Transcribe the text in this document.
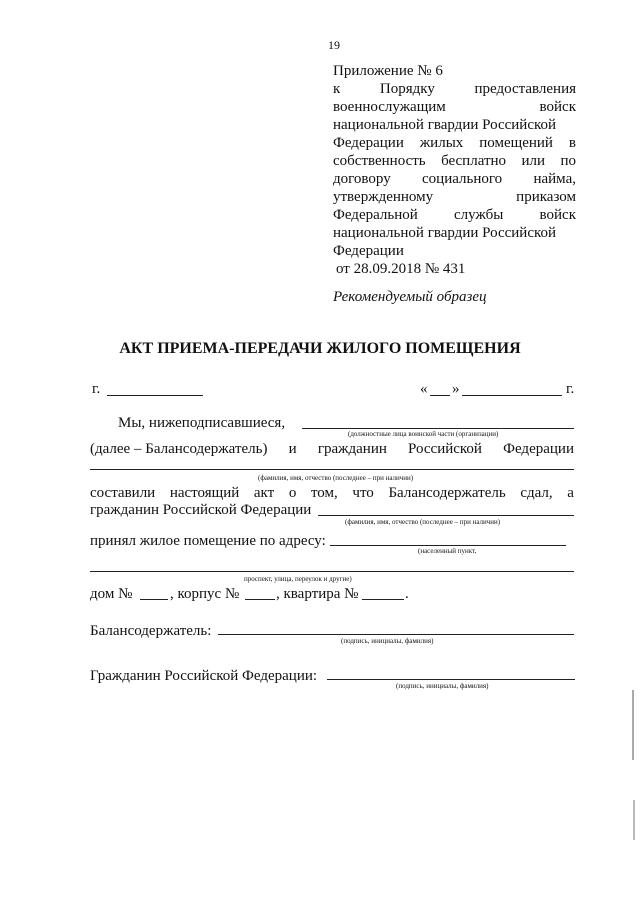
19
Приложение № 6
к	Порядку	предоставления
военнослужащим	войск
национальной гвардии Российской
Федерации жилых помещений в
собственность бесплатно или по
договору социального найма,
утвержденному	приказом
Федеральной службы войск
национальной гвардии Российской
Федерации
от 28.09.2018 № 431
Рекомендуемый образец
АКТ ПРИЕМА-ПЕРЕДАЧИ ЖИЛОГО ПОМЕЩЕНИЯ
г.	« »	г.
Мы, нижеподписавшиеся,
(должностные лица воинской части (организации)
(далее – Балансодержатель) и гражданин Российской Федерации
(фамилия, имя, отчество (последнее – при наличии)
составили настоящий акт о том, что Балансодержатель сдал, а
гражданин Российской Федерации
(фамилия, имя, отчество (последнее – при наличии)
принял жилое помещение по адресу:
(населенный пункт,
проспект, улица, переулок и другие)
дом №	, корпус № , квартира №	.
Балансодержатель:
(подпись, инициалы, фамилия)
Гражданин Российской Федерации:
(подпись, инициалы, фамилия)
